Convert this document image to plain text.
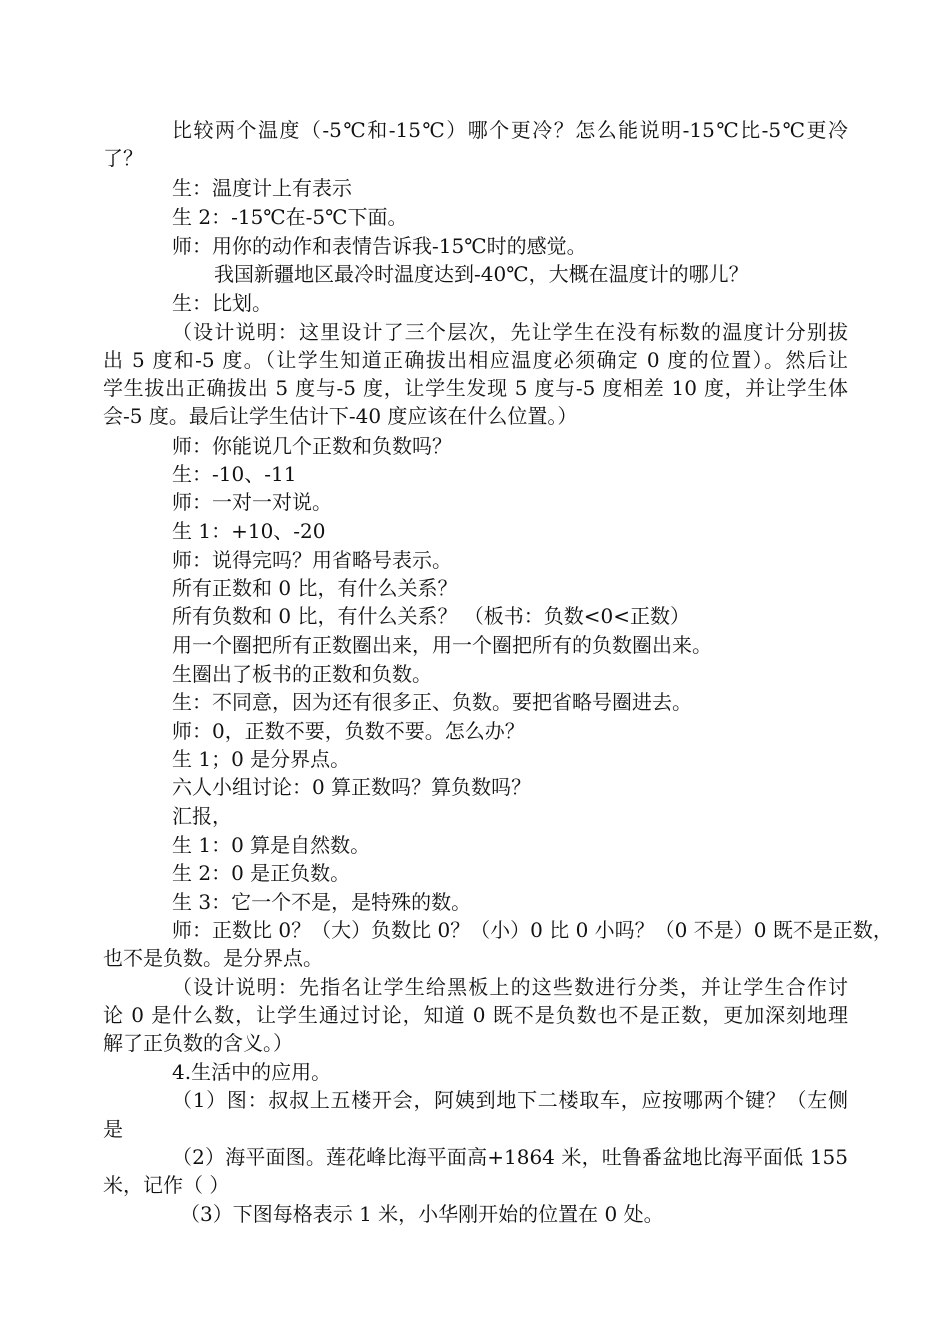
比较两个温度（-5℃和-15℃）哪个更冷？怎么能说明-15℃比-5℃更冷
了？
生：温度计上有表示
生 2：-15℃在-5℃下面。
师：用你的动作和表情告诉我-15℃时的感觉。
我国新疆地区最冷时温度达到-40℃，大概在温度计的哪儿？
生：比划。
（设计说明：这里设计了三个层次，先让学生在没有标数的温度计分别拔
出 5 度和-5 度。（让学生知道正确拔出相应温度必须确定 0 度的位置）。然后让
学生拔出正确拔出 5 度与-5 度，让学生发现 5 度与-5 度相差 10 度，并让学生体
会-5 度。最后让学生估计下-40 度应该在什么位置。）
师：你能说几个正数和负数吗？
生：-10、-11
师：一对一对说。
生 1：+10、-20
师：说得完吗？用省略号表示。
所有正数和 0 比，有什么关系？
所有负数和 0 比，有什么关系？ （板书：负数<0<正数）
用一个圈把所有正数圈出来，用一个圈把所有的负数圈出来。
生圈出了板书的正数和负数。
生：不同意，因为还有很多正、负数。要把省略号圈进去。
师：0，正数不要，负数不要。怎么办？
生 1；0 是分界点。
六人小组讨论：0 算正数吗？算负数吗？
汇报，
生 1：0 算是自然数。
生 2：0 是正负数。
生 3：它一个不是，是特殊的数。
师：正数比 0？（大）负数比 0？（小）0 比 0 小吗？（0 不是）0 既不是正数，
也不是负数。是分界点。
（设计说明：先指名让学生给黑板上的这些数进行分类，并让学生合作讨
论 0 是什么数，让学生通过讨论，知道 0 既不是负数也不是正数，更加深刻地理
解了正负数的含义。）
4.生活中的应用。
（1）图：叔叔上五楼开会，阿姨到地下二楼取车，应按哪两个键？（左侧
是
（2）海平面图。莲花峰比海平面高+1864 米，吐鲁番盆地比海平面低 155
米，记作（ ）
（3）下图每格表示 1 米，小华刚开始的位置在 0 处。
